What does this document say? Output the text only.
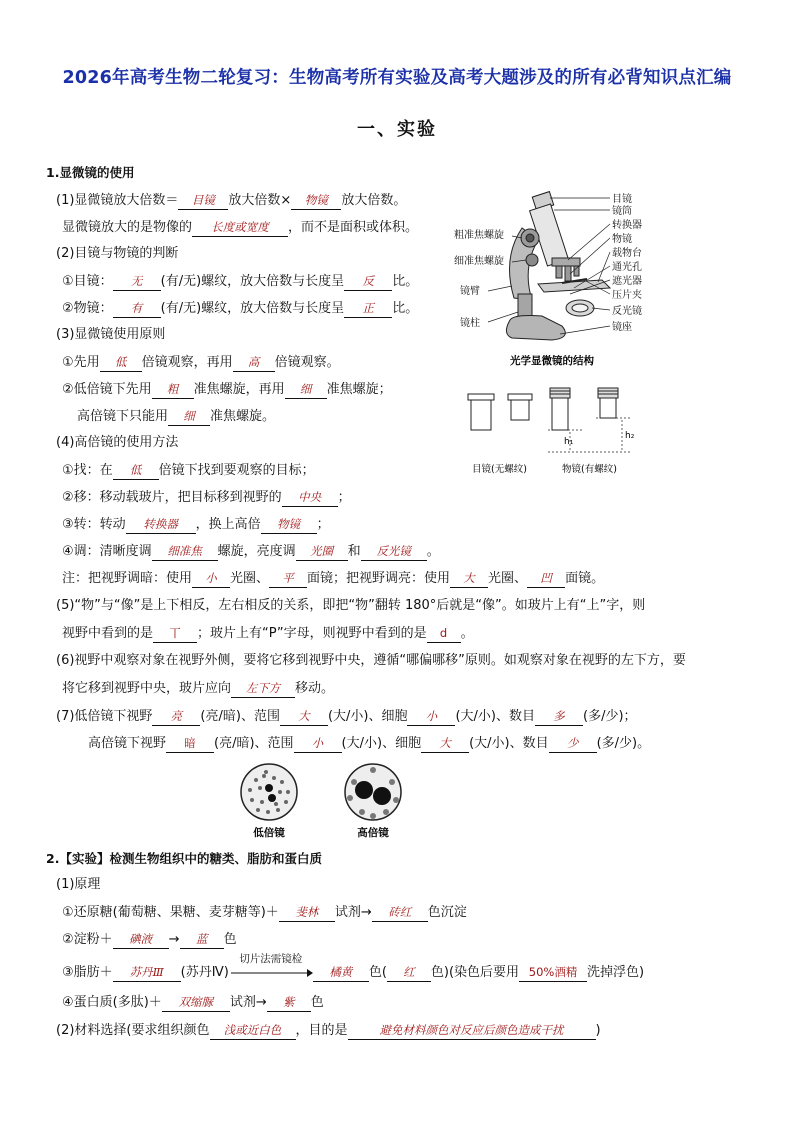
2026年高考生物二轮复习：生物高考所有实验及高考大题涉及的所有必背知识点汇编
一、实验
1.显微镜的使用
(1)显微镜放大倍数＝ 目镜 放大倍数× 物镜 放大倍数。
显微镜放大的是物像的 长度或宽度 ，而不是面积或体积。
(2)目镜与物镜的判断
①目镜： 无 (有/无)螺纹，放大倍数与长度呈 反 比。
②物镜： 有 (有/无)螺纹，放大倍数与长度呈 正 比。
(3)显微镜使用原则
①先用 低 倍镜观察，再用 高 倍镜观察。
②低倍镜下先用 粗 准焦螺旋，再用 细 准焦螺旋；
高倍镜下只能用 细 准焦螺旋。
(4)高倍镜的使用方法
①找：在 低 倍镜下找到要观察的目标；
②移：移动载玻片，把目标移到视野的 中央 ；
③转：转动 转换器 ，换上高倍 物镜 ；
④调：清晰度调 细准焦 螺旋，亮度调 光圈 和 反光镜 。
注：把视野调暗：使用 小 光圈、 平 面镜；把视野调亮：使用 大 光圈、 凹 面镜。
(5)“物”与“像”是上下相反，左右相反的关系，即把“物”翻转 180°后就是“像”。如玻片上有“上”字，则
视野中看到的是 丅 ；玻片上有“P”字母，则视野中看到的是 d 。
(6)视野中观察对象在视野外侧，要将它移到视野中央，遵循“哪偏哪移”原则。如观察对象在视野的左下方，要
将它移到视野中央，玻片应向 左下方 移动。
(7)低倍镜下视野 亮 (亮/暗)、范围 大 (大/小)、细胞 小 (大/小)、数目 多 (多/少)；
高倍镜下视野 暗 (亮/暗)、范围 小 (大/小)、细胞 大 (大/小)、数目 少 (多/少)。
目镜
镜筒
转换器
物镜
载物台
通光孔
遮光器
压片夹
反光镜
镜座
粗准焦螺旋
细准焦螺旋
镜臂
镜柱
光学显微镜的结构
h₁
h₂
目镜(无螺纹)	物镜(有螺纹)
低倍镜	高倍镜
2.【实验】检测生物组织中的糖类、脂肪和蛋白质
(1)原理
①还原糖(葡萄糖、果糖、麦芽糖等)＋ 斐林 试剂→ 砖红 色沉淀
②淀粉＋ 碘液 → 蓝 色
③脂肪＋ 苏丹Ⅲ (苏丹Ⅳ)
切片法需镜检
橘黄 色( 红 色)(染色后要用 50%酒精 洗掉浮色)
④蛋白质(多肽)＋ 双缩脲 试剂→ 紫 色
(2)材料选择(要求组织颜色 浅或近白色 ，目的是	避免材料颜色对反应后颜色造成干扰 )
